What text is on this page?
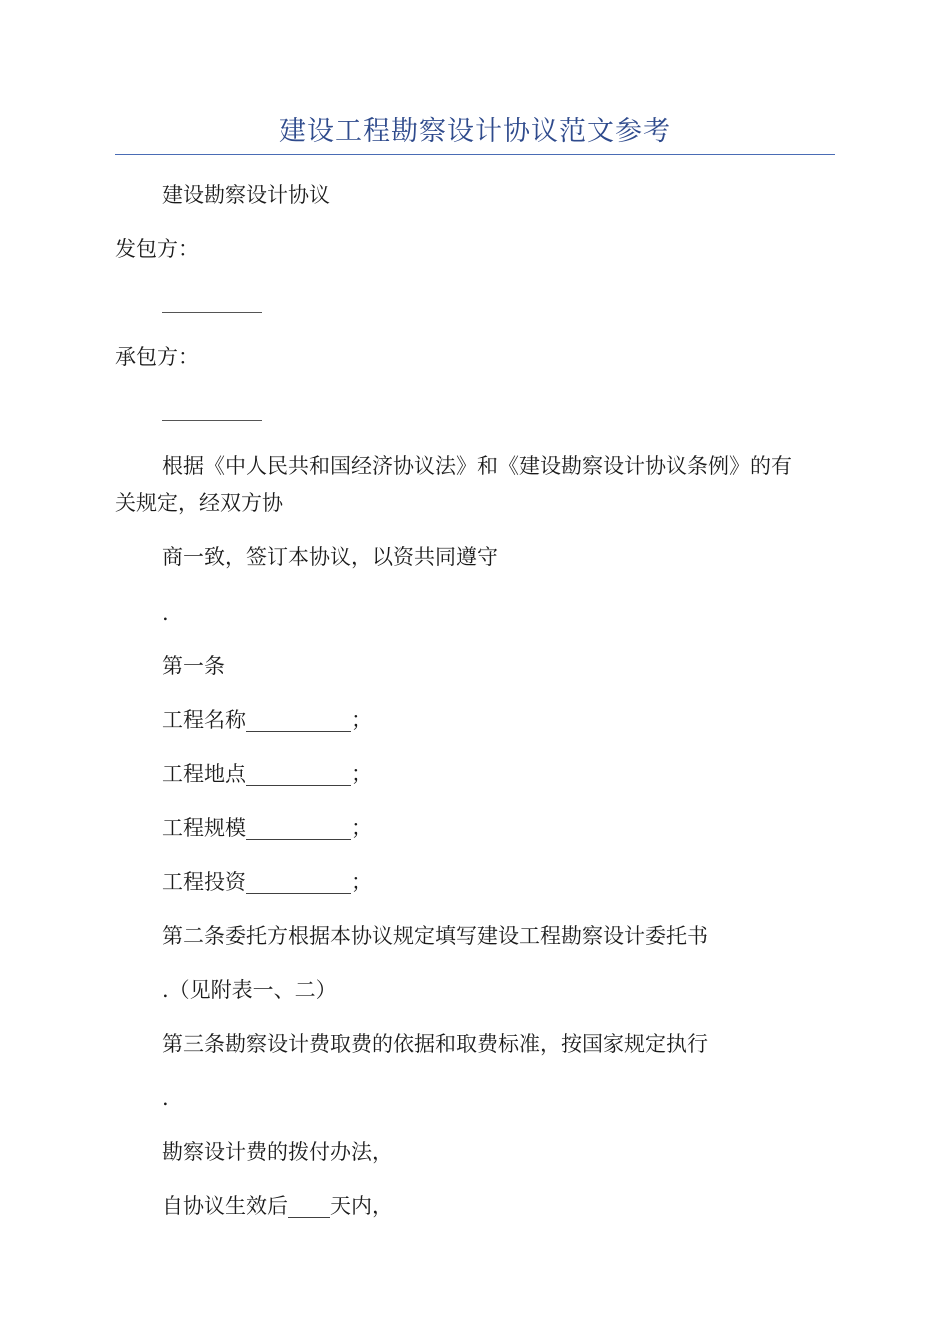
建设工程勘察设计协议范文参考
建设勘察设计协议
发包方：
承包方：
根据《中人民共和国经济协议法》和《建设勘察设计协议条例》的有
关规定，经双方协
商一致，签订本协议，以资共同遵守
.
第一条
工程名称__________；
工程地点__________；
工程规模__________；
工程投资__________；
第二条委托方根据本协议规定填写建设工程勘察设计委托书
.（见附表一、二）
第三条勘察设计费取费的依据和取费标准，按国家规定执行
.
勘察设计费的拨付办法，
自协议生效后____天内，
